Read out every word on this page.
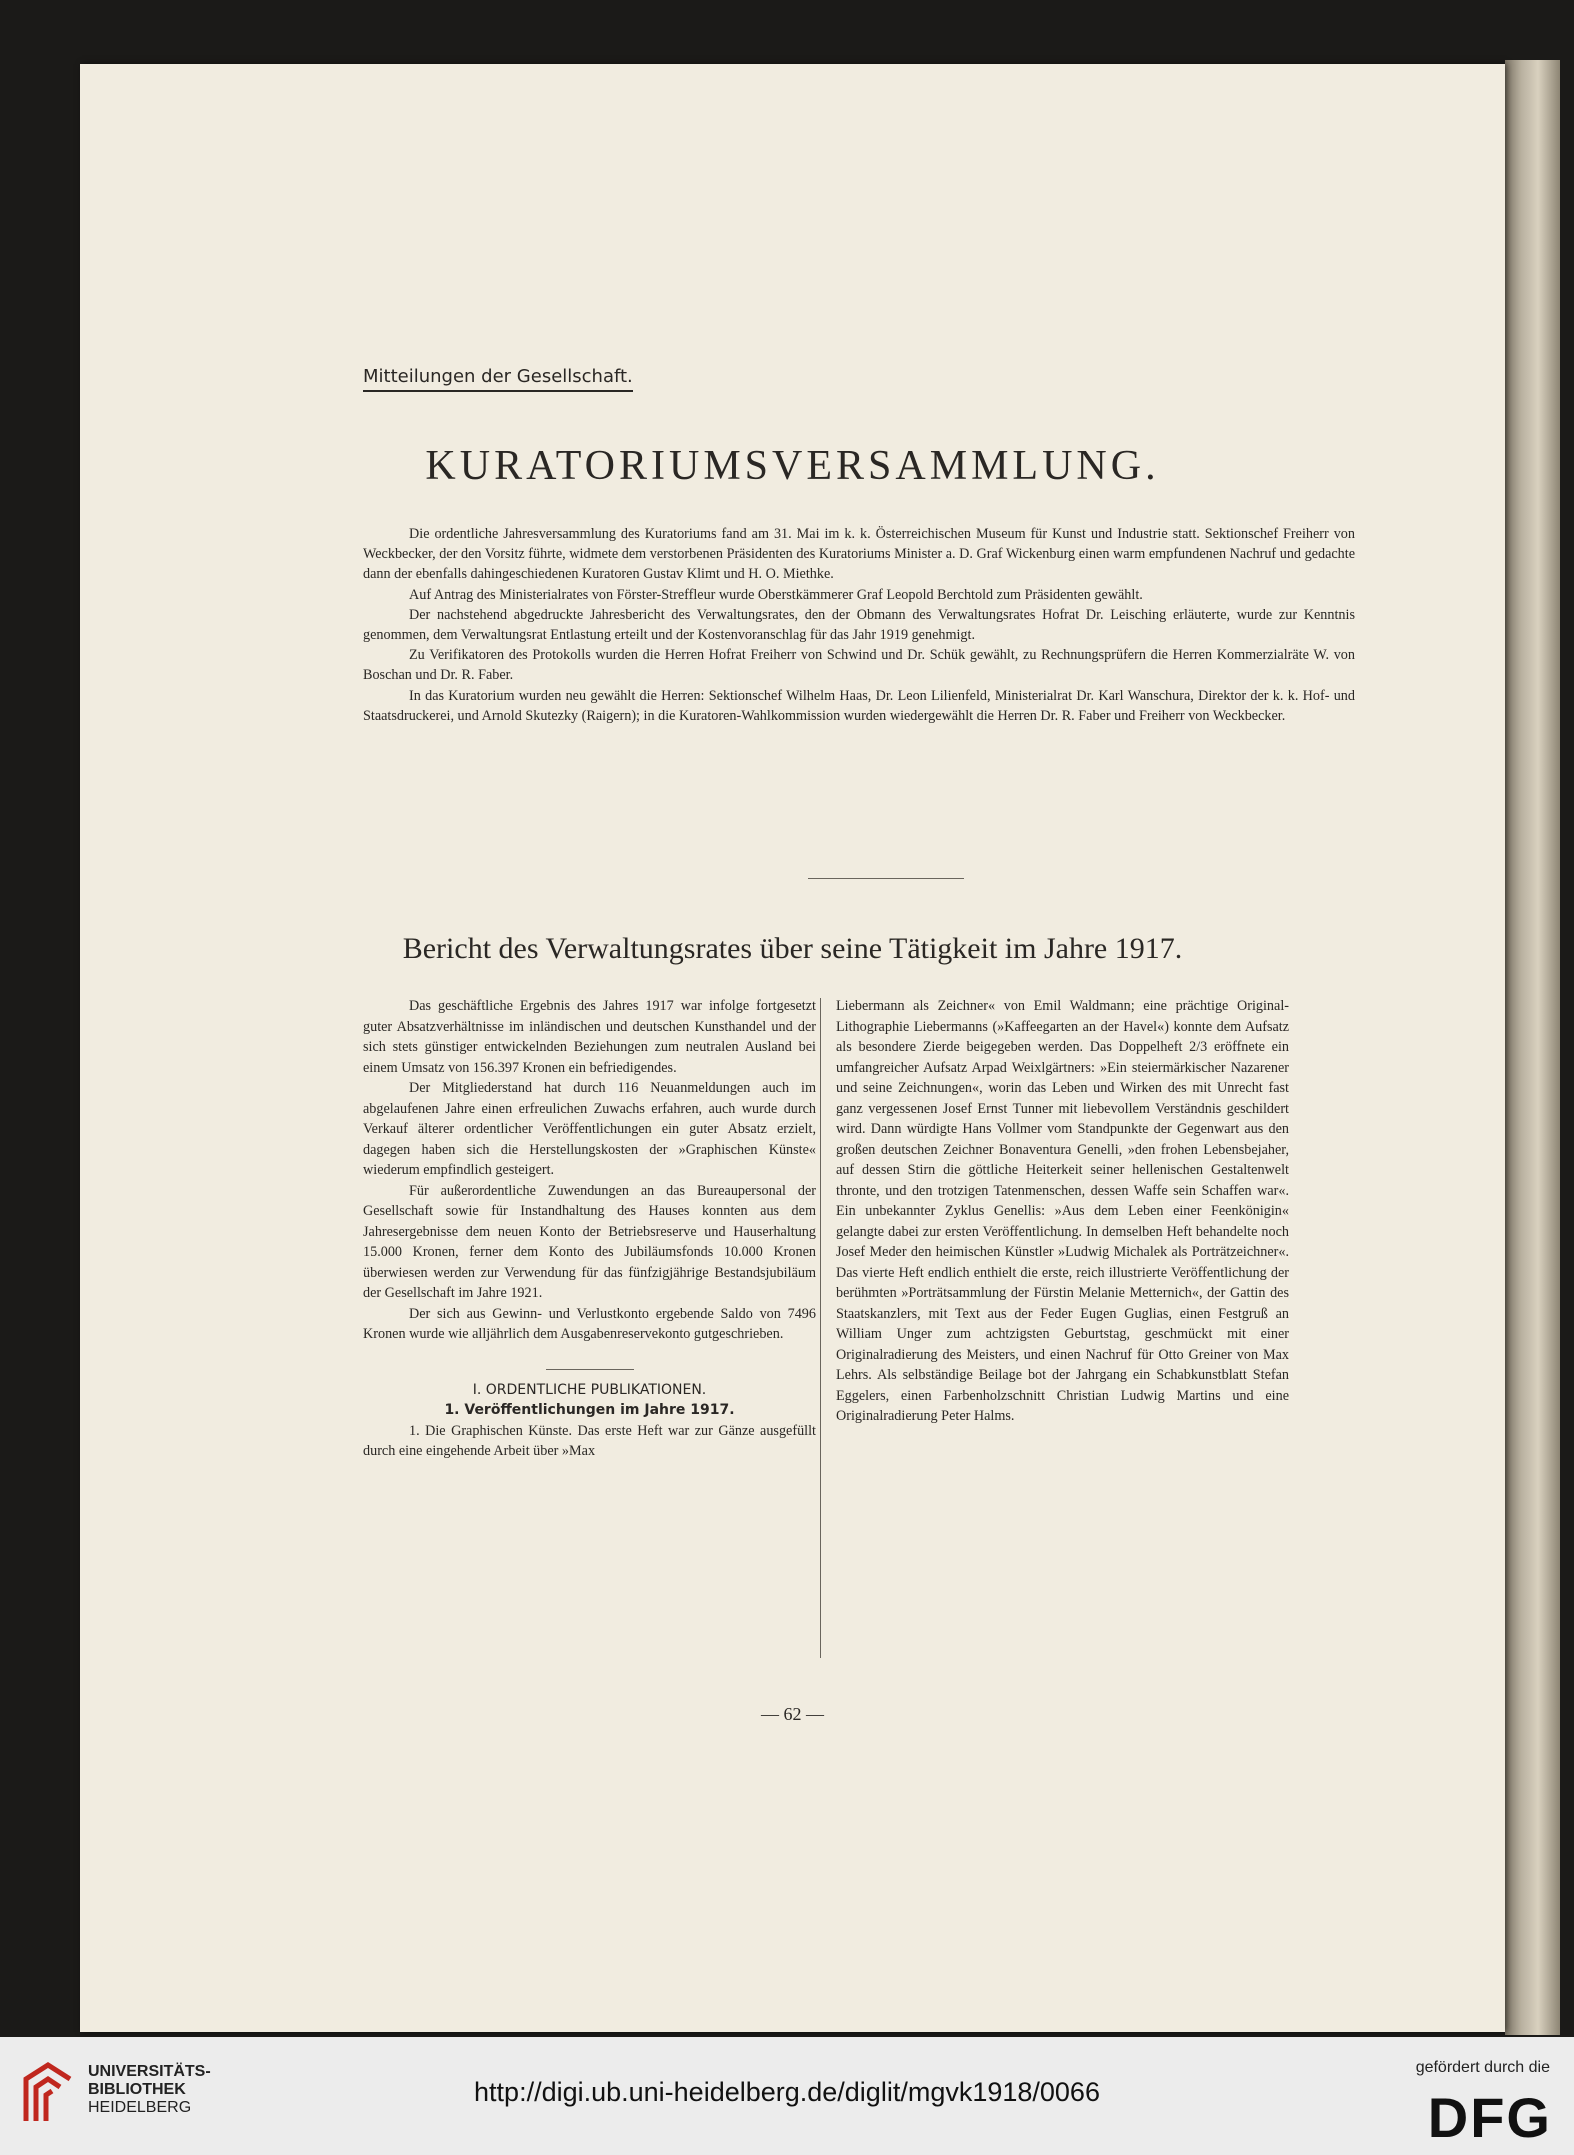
Mitteilungen der Gesellschaft.
KURATORIUMSVERSAMMLUNG.

Die ordentliche Jahresversammlung des Kuratoriums fand am 31. Mai im k. k. Österreichischen Museum für Kunst und Industrie statt. Sektionschef Freiherr von Weckbecker, der den Vorsitz führte, widmete dem verstorbenen Präsidenten des Kuratoriums Minister a. D. Graf Wickenburg einen warm empfundenen Nachruf und gedachte dann der ebenfalls dahingeschiedenen Kuratoren Gustav Klimt und H. O. Miethke.

Auf Antrag des Ministerialrates von Förster-Streffleur wurde Oberstkämmerer Graf Leopold Berchtold zum Präsidenten gewählt.

Der nachstehend abgedruckte Jahresbericht des Verwaltungsrates, den der Obmann des Verwaltungsrates Hofrat Dr. Leisching erläuterte, wurde zur Kenntnis genommen, dem Verwaltungsrat Entlastung erteilt und der Kostenvoranschlag für das Jahr 1919 genehmigt.

Zu Verifikatoren des Protokolls wurden die Herren Hofrat Freiherr von Schwind und Dr. Schük gewählt, zu Rechnungsprüfern die Herren Kommerzialräte W. von Boschan und Dr. R. Faber.

In das Kuratorium wurden neu gewählt die Herren: Sektionschef Wilhelm Haas, Dr. Leon Lilienfeld, Ministerialrat Dr. Karl Wanschura, Direktor der k. k. Hof- und Staatsdruckerei, und Arnold Skutezky (Raigern); in die Kuratoren-Wahlkommission wurden wiedergewählt die Herren Dr. R. Faber und Freiherr von Weckbecker.

Bericht des Verwaltungsrates über seine Tätigkeit im Jahre 1917.

Das geschäftliche Ergebnis des Jahres 1917 war infolge fortgesetzt guter Absatzverhältnisse im inländischen und deutschen Kunsthandel und der sich stets günstiger entwickelnden Beziehungen zum neutralen Ausland bei einem Umsatz von 156.397 Kronen ein befriedigendes.

Der Mitgliederstand hat durch 116 Neuanmeldungen auch im abgelaufenen Jahre einen erfreulichen Zuwachs erfahren, auch wurde durch Verkauf älterer ordentlicher Veröffentlichungen ein guter Absatz erzielt, dagegen haben sich die Herstellungskosten der »Graphischen Künste« wiederum empfindlich gesteigert.

Für außerordentliche Zuwendungen an das Bureaupersonal der Gesellschaft sowie für Instandhaltung des Hauses konnten aus dem Jahresergebnisse dem neuen Konto der Betriebsreserve und Hauserhaltung 15.000 Kronen, ferner dem Konto des Jubiläumsfonds 10.000 Kronen überwiesen werden zur Verwendung für das fünfzigjährige Bestandsjubiläum der Gesellschaft im Jahre 1921.

Der sich aus Gewinn- und Verlustkonto ergebende Saldo von 7496 Kronen wurde wie alljährlich dem Ausgabenreservekonto gutgeschrieben.

I. ORDENTLICHE PUBLIKATIONEN.

1. Veröffentlichungen im Jahre 1917.

1. Die Graphischen Künste. Das erste Heft war zur Gänze ausgefüllt durch eine eingehende Arbeit über »Max

Liebermann als Zeichner« von Emil Waldmann; eine prächtige Original-Lithographie Liebermanns (»Kaffeegarten an der Havel«) konnte dem Aufsatz als besondere Zierde beigegeben werden. Das Doppelheft 2/3 eröffnete ein umfangreicher Aufsatz Arpad Weixlgärtners: »Ein steiermärkischer Nazarener und seine Zeichnungen«, worin das Leben und Wirken des mit Unrecht fast ganz vergessenen Josef Ernst Tunner mit liebevollem Verständnis geschildert wird. Dann würdigte Hans Vollmer vom Standpunkte der Gegenwart aus den großen deutschen Zeichner Bonaventura Genelli, »den frohen Lebensbejaher, auf dessen Stirn die göttliche Heiterkeit seiner hellenischen Gestaltenwelt thronte, und den trotzigen Tatenmenschen, dessen Waffe sein Schaffen war«. Ein unbekannter Zyklus Genellis: »Aus dem Leben einer Feenkönigin« gelangte dabei zur ersten Veröffentlichung. In demselben Heft behandelte noch Josef Meder den heimischen Künstler »Ludwig Michalek als Porträtzeichner«. Das vierte Heft endlich enthielt die erste, reich illustrierte Veröffentlichung der berühmten »Porträtsammlung der Fürstin Melanie Metternich«, der Gattin des Staatskanzlers, mit Text aus der Feder Eugen Guglias, einen Festgruß an William Unger zum achtzigsten Geburtstag, geschmückt mit einer Originalradierung des Meisters, und einen Nachruf für Otto Greiner von Max Lehrs. Als selbständige Beilage bot der Jahrgang ein Schabkunstblatt Stefan Eggelers, einen Farbenholzschnitt Christian Ludwig Martins und eine Originalradierung Peter Halms.

— 62 —
UNIVERSITÄTS-
BIBLIOTHEK
HEIDELBERG
http://digi.ub.uni-heidelberg.de/diglit/mgvk1918/0066
gefördert durch die
DFG
